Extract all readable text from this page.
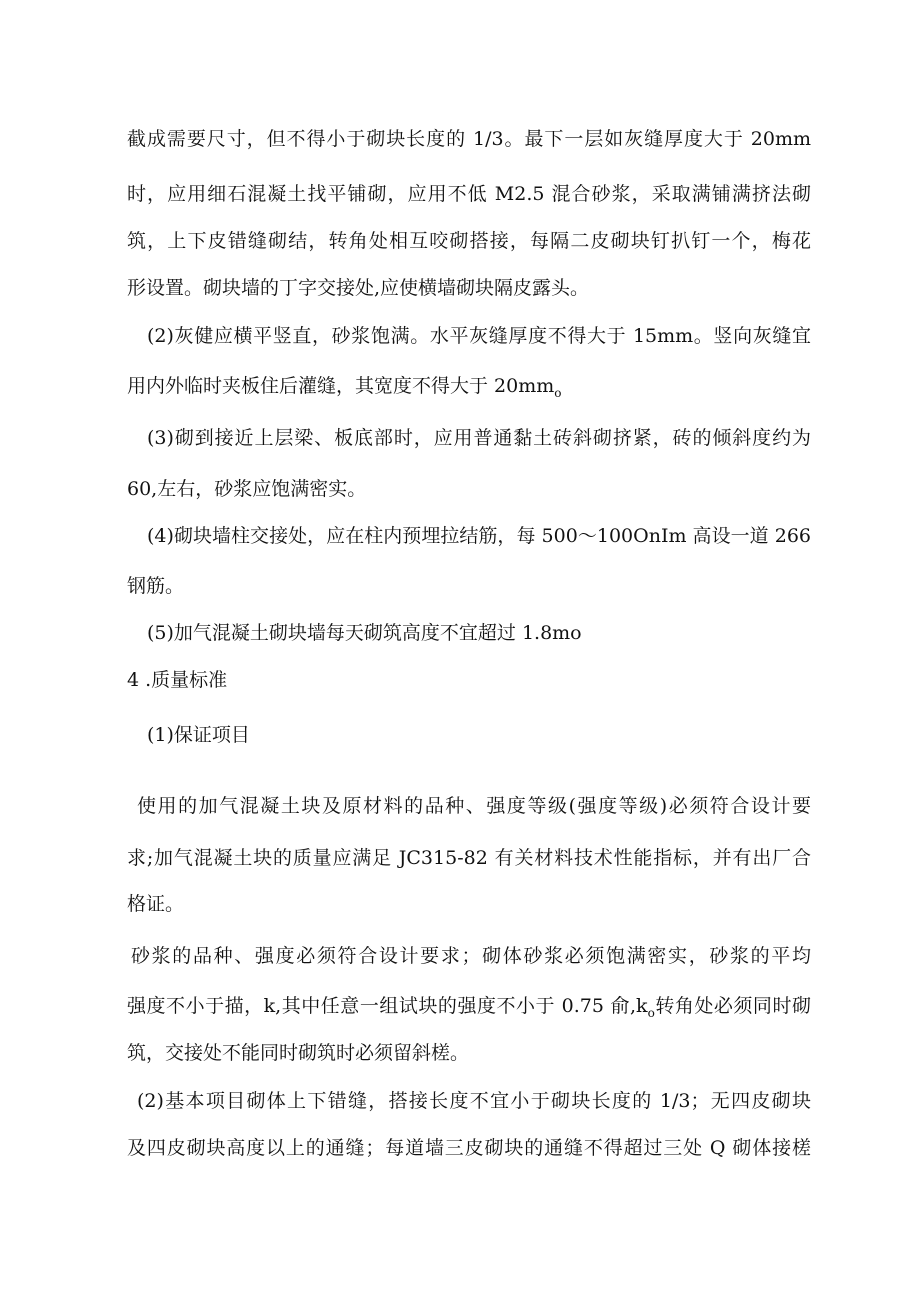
截成需要尺寸，但不得小于砌块长度的 1/3。最下一层如灰缝厚度大于 20mm
时，应用细石混凝土找平铺砌，应用不低 M2.5 混合砂浆，采取满铺满挤法砌
筑，上下皮错缝砌结，转角处相互咬砌搭接，每隔二皮砌块钉扒钉一个，梅花
形设置。砌块墙的丁字交接处,应使横墙砌块隔皮露头。
(2)灰健应横平竖直，砂浆饱满。水平灰缝厚度不得大于 15mm。竖向灰缝宜
用内外临时夹板住后灌缝，其宽度不得大于 $20mm_o$
(3)砌到接近上层梁、板底部时，应用普通黏土砖斜砌挤紧，砖的倾斜度约为
60,左右，砂浆应饱满密实。
(4)砌块墙柱交接处，应在柱内预埋拉结筋，每 500～100OnIm 高设一道 266
钢筋。
(5)加气混凝土砌块墙每天砌筑高度不宜超过 1.8mo
4 .质量标准
(1)保证项目
使用的加气混凝土块及原材料的品种、强度等级(强度等级)必须符合设计要
求;加气混凝土块的质量应满足 JC315-82 有关材料技术性能指标，并有出厂合
格证。
砂浆的品种、强度必须符合设计要求；砌体砂浆必须饱满密实，砂浆的平均
强度不小于描，k,其中任意一组试块的强度不小于 0.75 俞$,k_o$转角处必须同时砌
筑，交接处不能同时砌筑时必须留斜槎。
(2)基本项目砌体上下错缝，搭接长度不宜小于砌块长度的 1/3；无四皮砌块
及四皮砌块高度以上的通缝；每道墙三皮砌块的通缝不得超过三处 Q 砌体接槎
